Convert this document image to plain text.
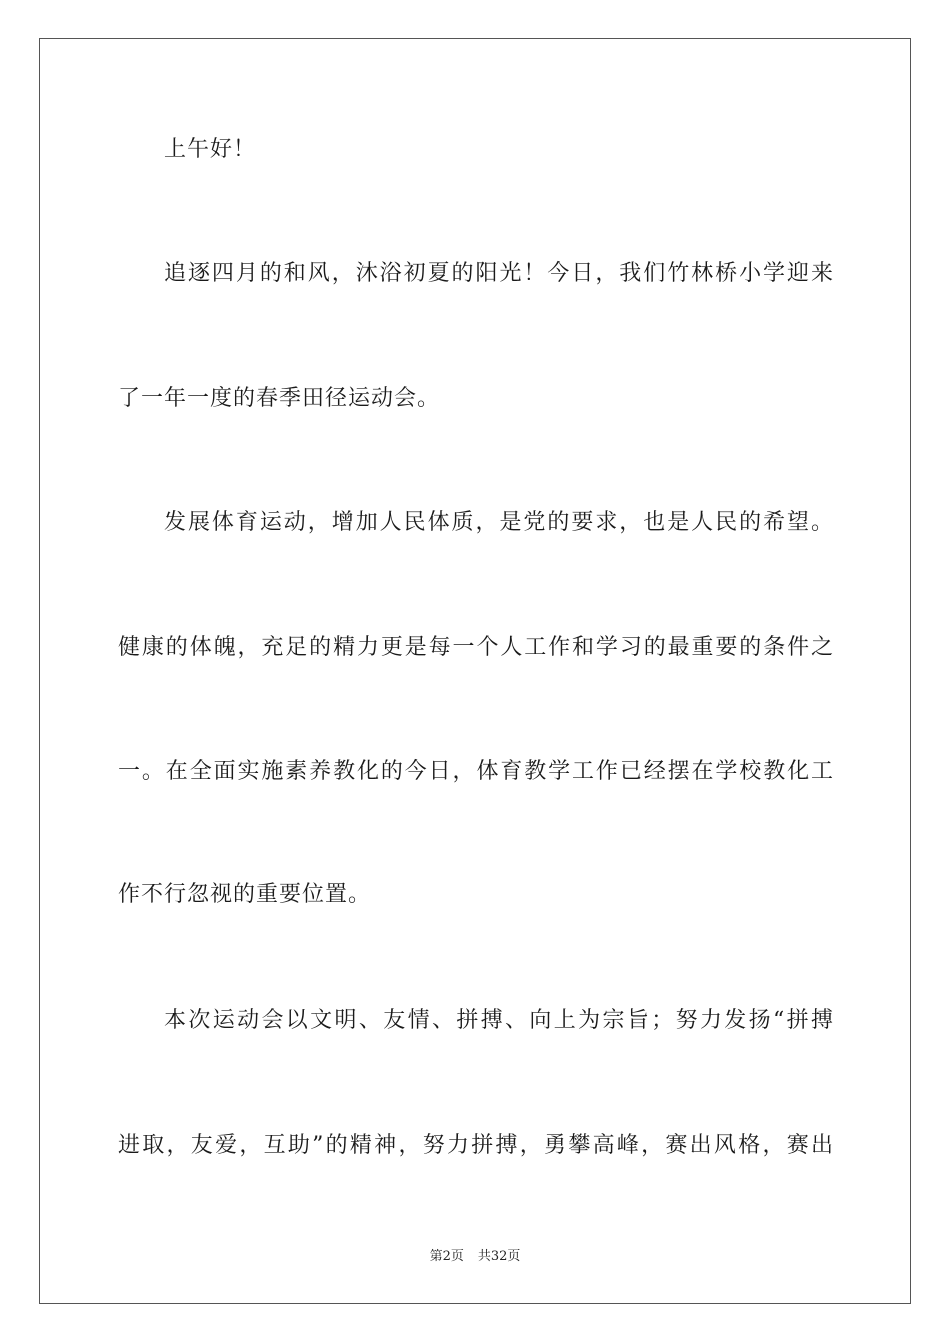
上午好！
追逐四月的和风，沐浴初夏的阳光！今日，我们竹林桥小学迎来
了一年一度的春季田径运动会。
发展体育运动，增加人民体质，是党的要求，也是人民的希望。
健康的体魄，充足的精力更是每一个人工作和学习的最重要的条件之
一。在全面实施素养教化的今日，体育教学工作已经摆在学校教化工
作不行忽视的重要位置。
本次运动会以文明、友情、拼搏、向上为宗旨；努力发扬“拼搏
进取，友爱，互助”的精神，努力拼搏，勇攀高峰，赛出风格，赛出
第2页 共32页
